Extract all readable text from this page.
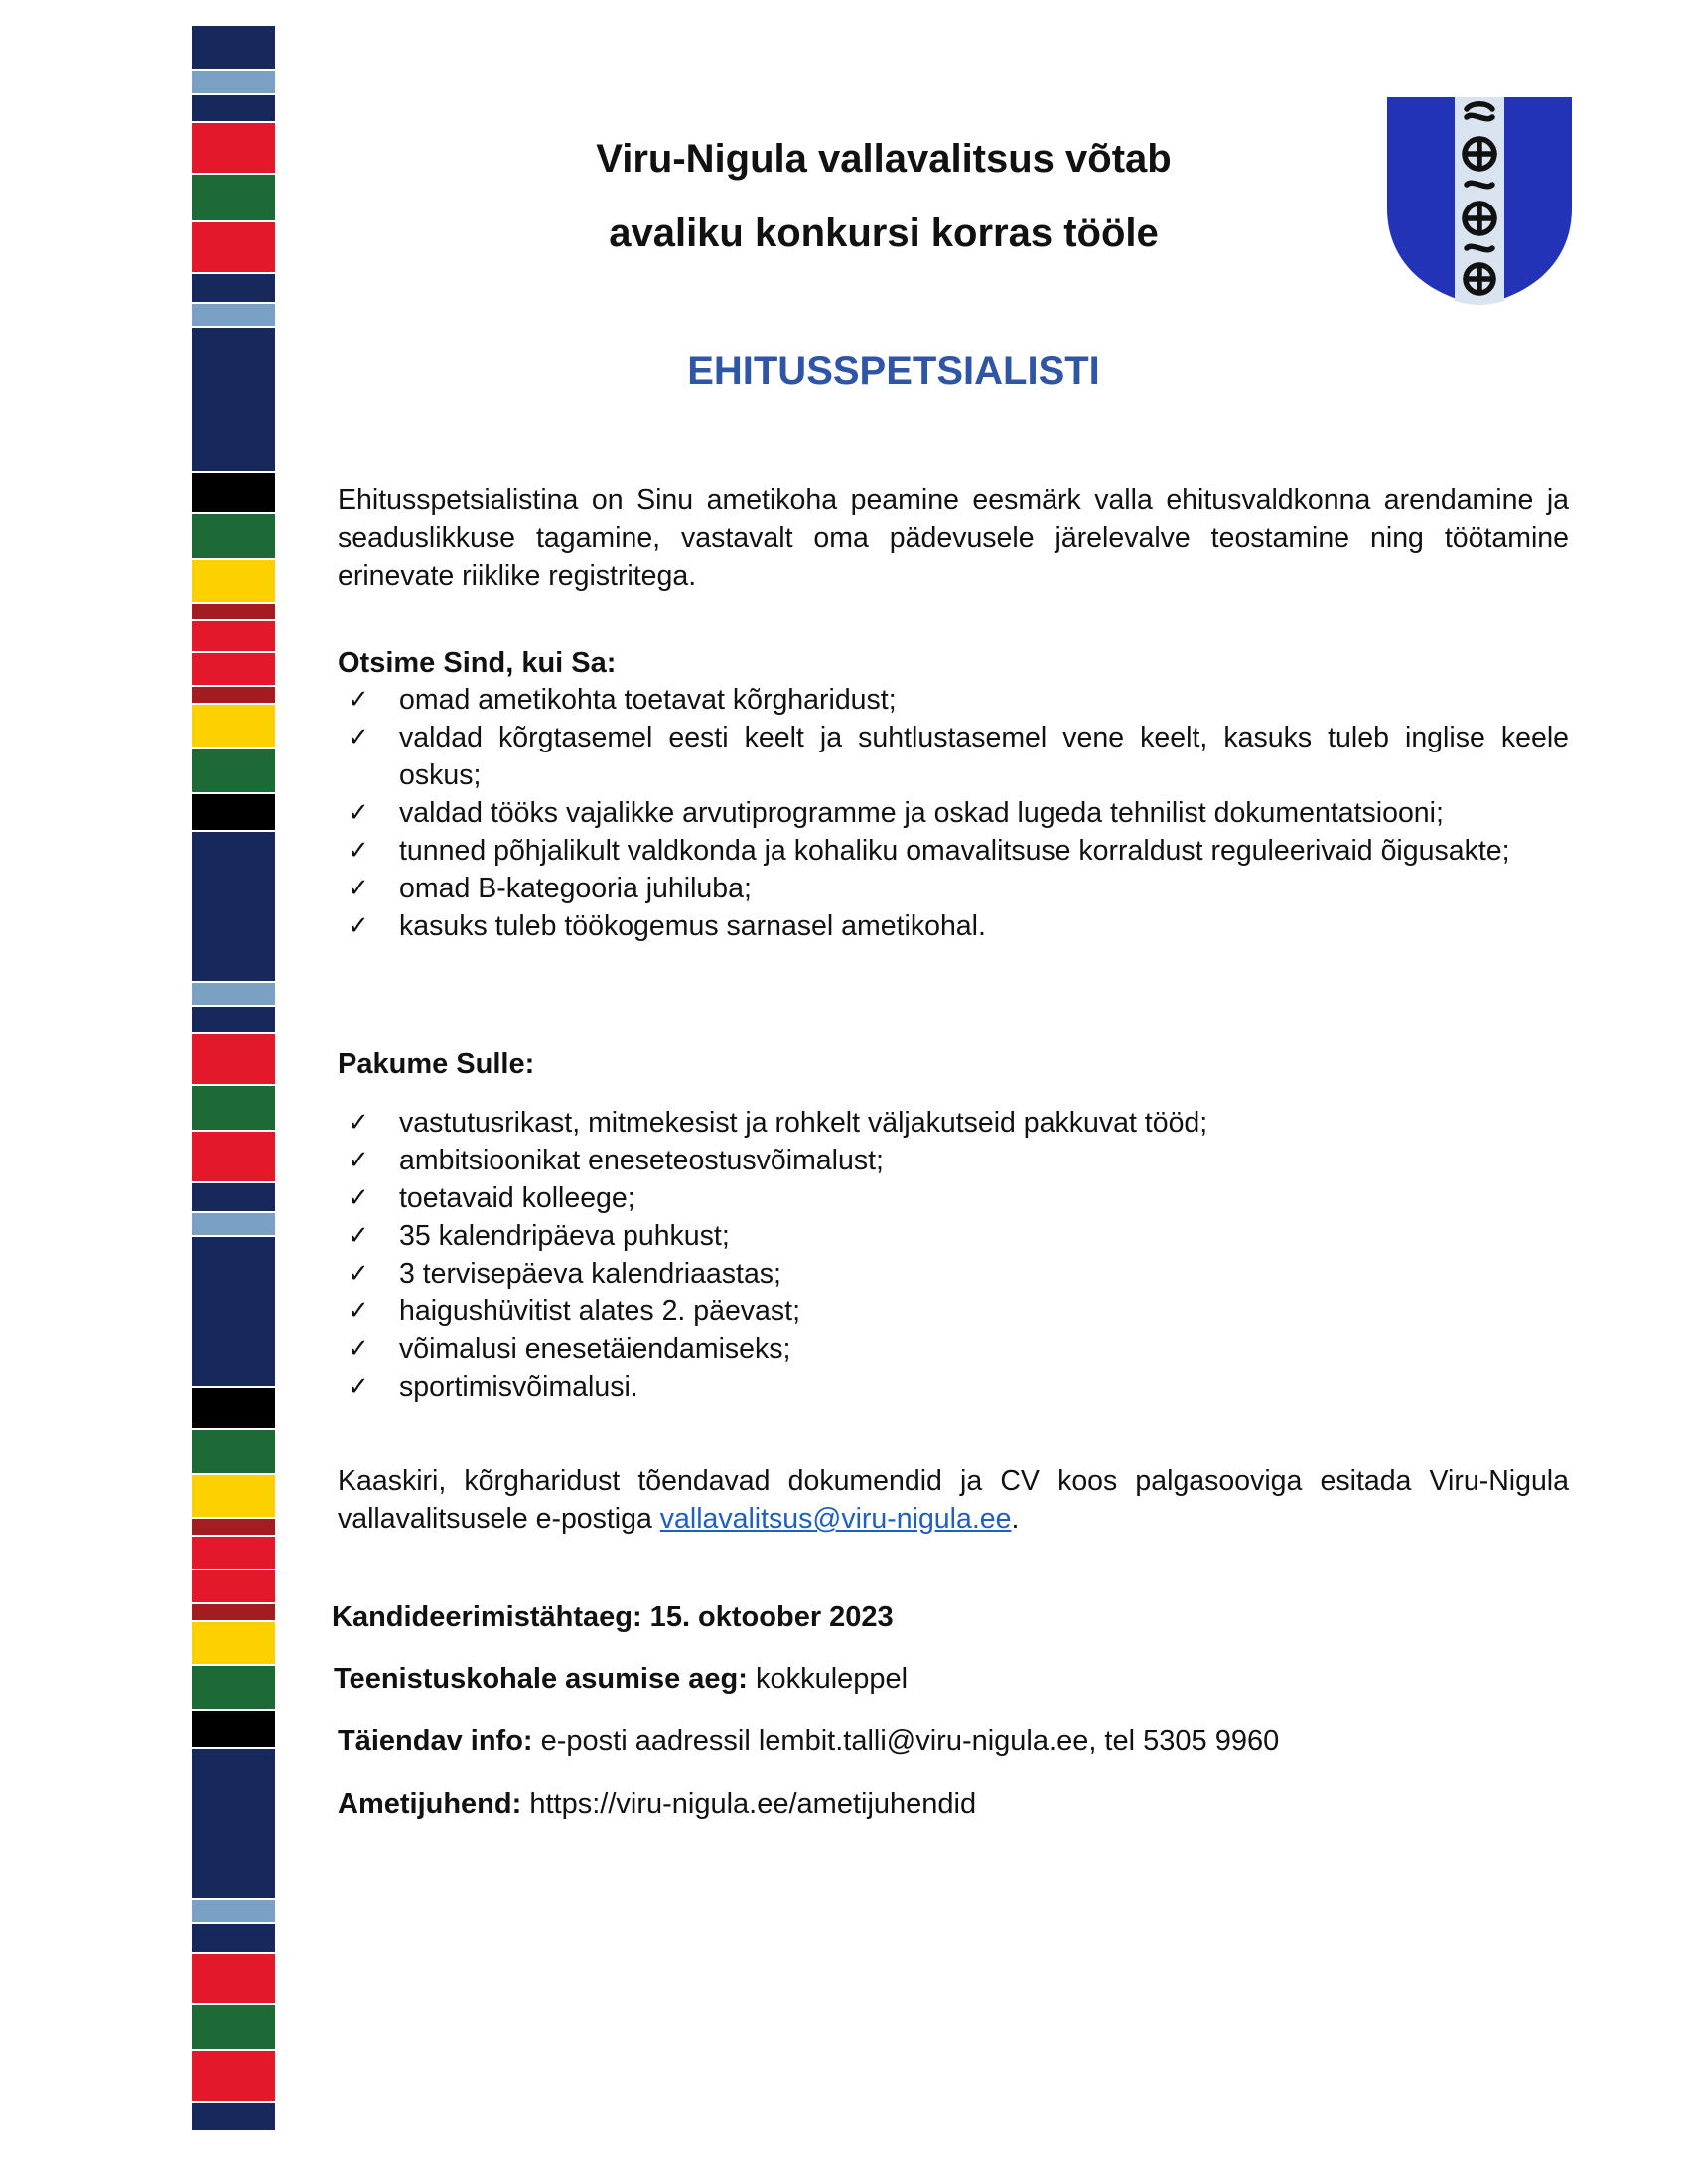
Viru-Nigula vallavalitsus võtab
avaliku konkursi korras tööle
EHITUSSPETSIALISTI

Ehitusspetsialistina on Sinu ametikoha peamine eesmärk valla ehitusvaldkonna arendamine ja seaduslikkuse tagamine, vastavalt oma pädevusele järelevalve teostamine ning töötamine erinevate riiklike registritega.

Otsime Sind, kui Sa:
✓ omad ametikohta toetavat kõrgharidust;
✓ valdad kõrgtasemel eesti keelt ja suhtlustasemel vene keelt, kasuks tuleb inglise keele oskus;
✓ valdad tööks vajalikke arvutiprogramme ja oskad lugeda tehnilist dokumentatsiooni;
✓ tunned põhjalikult valdkonda ja kohaliku omavalitsuse korraldust reguleerivaid õigusakte;
✓ omad B-kategooria juhiluba;
✓ kasuks tuleb töökogemus sarnasel ametikohal.
Pakume Sulle:
✓ vastutusrikast, mitmekesist ja rohkelt väljakutseid pakkuvat tööd;
✓ ambitsioonikat eneseteostusvõimalust;
✓ toetavaid kolleege;
✓ 35 kalendripäeva puhkust;
✓ 3 tervisepäeva kalendriaastas;
✓ haigushüvitist alates 2. päevast;
✓ võimalusi enesetäiendamiseks;
✓ sportimisvõimalusi.

Kaaskiri, kõrgharidust tõendavad dokumendid ja CV koos palgasooviga esitada Viru-Nigula vallavalitsusele e-postiga vallavalitsus@viru-nigula.ee.

Kandideerimistähtaeg: 15. oktoober 2023
Teenistuskohale asumise aeg: kokkuleppel
Täiendav info: e-posti aadressil lembit.talli@viru-nigula.ee, tel 5305 9960
Ametijuhend: https://viru-nigula.ee/ametijuhendid
